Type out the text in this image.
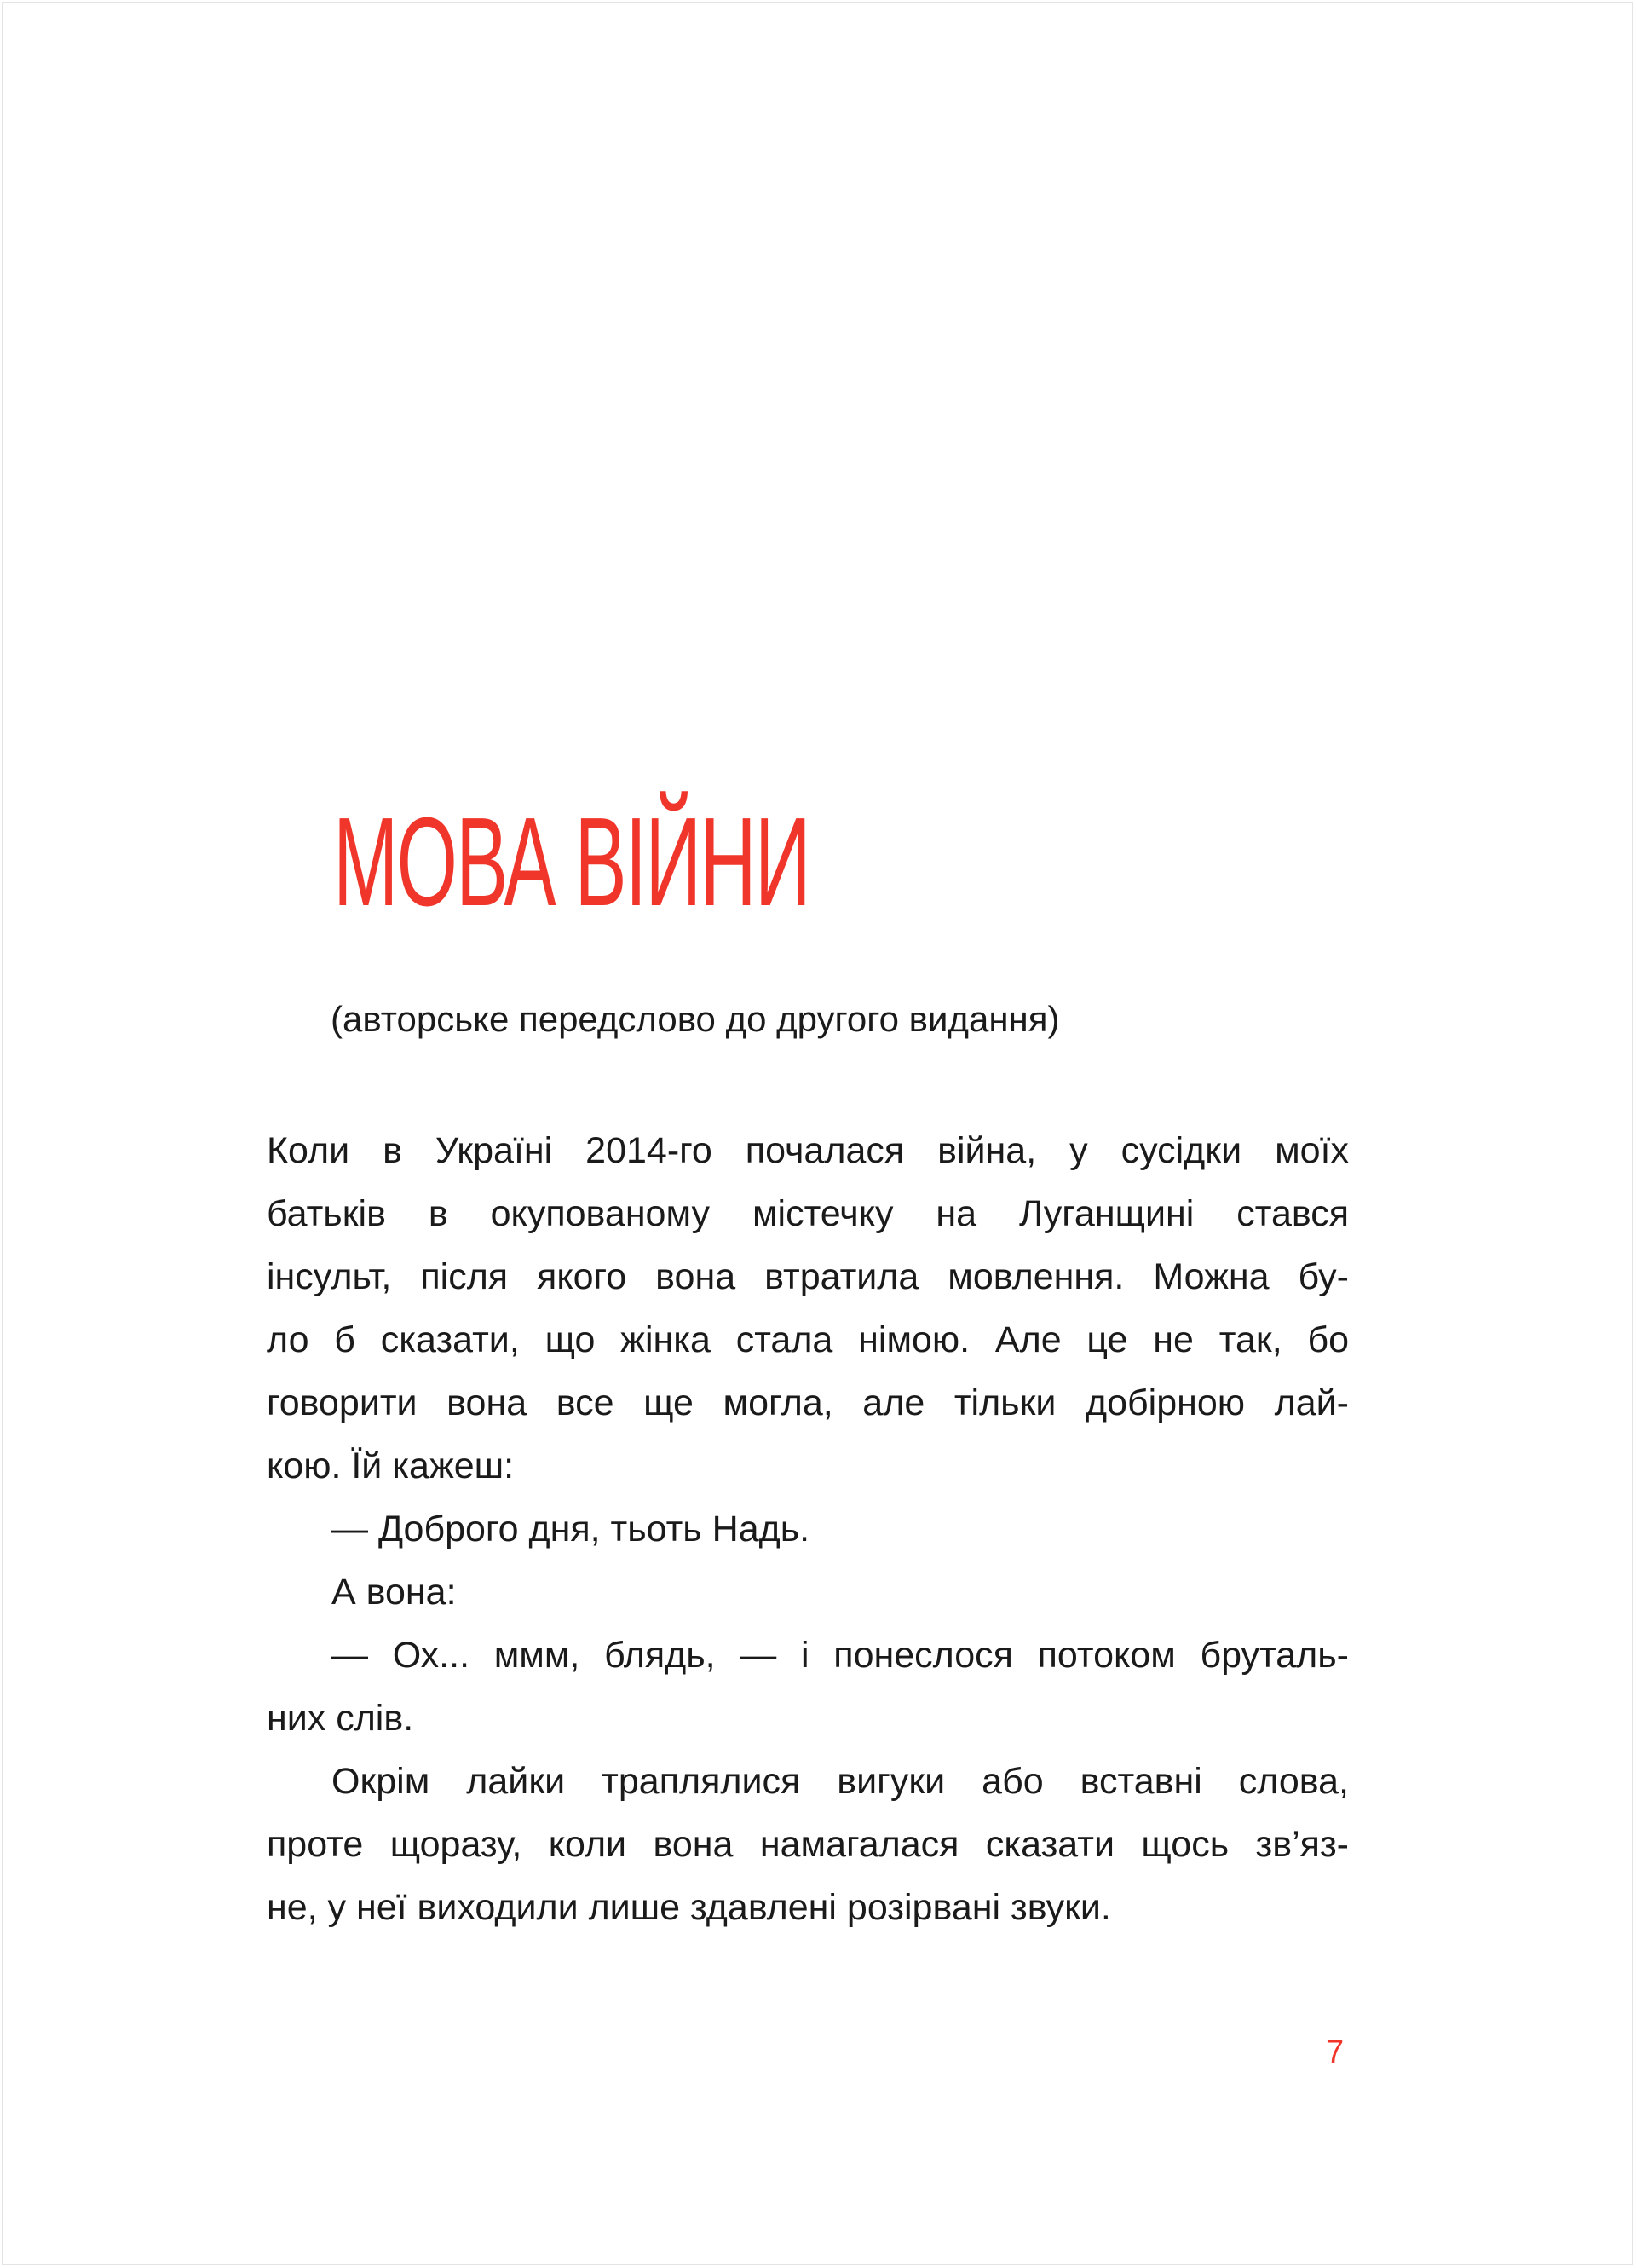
МОВА ВІЙНИ

(авторське передслово до другого видання)

Коли в Україні 2014-го почалася війна, у сусідки моїх
батьків в окупованому містечку на Луганщині стався
інсульт, після якого вона втратила мовлення. Можна бу-
ло б сказати, що жінка стала німою. Але це не так, бо
говорити вона все ще могла, але тільки добірною лай-
кою. Їй кажеш:
— Доброго дня, тьоть Надь.
А вона:
— Ох... ммм, блядь, — і понеслося потоком бруталь-
них слів.
Окрім лайки траплялися вигуки або вставні слова,
проте щоразу, коли вона намагалася сказати щось зв’яз-
не, у неї виходили лише здавлені розірвані звуки.
7
